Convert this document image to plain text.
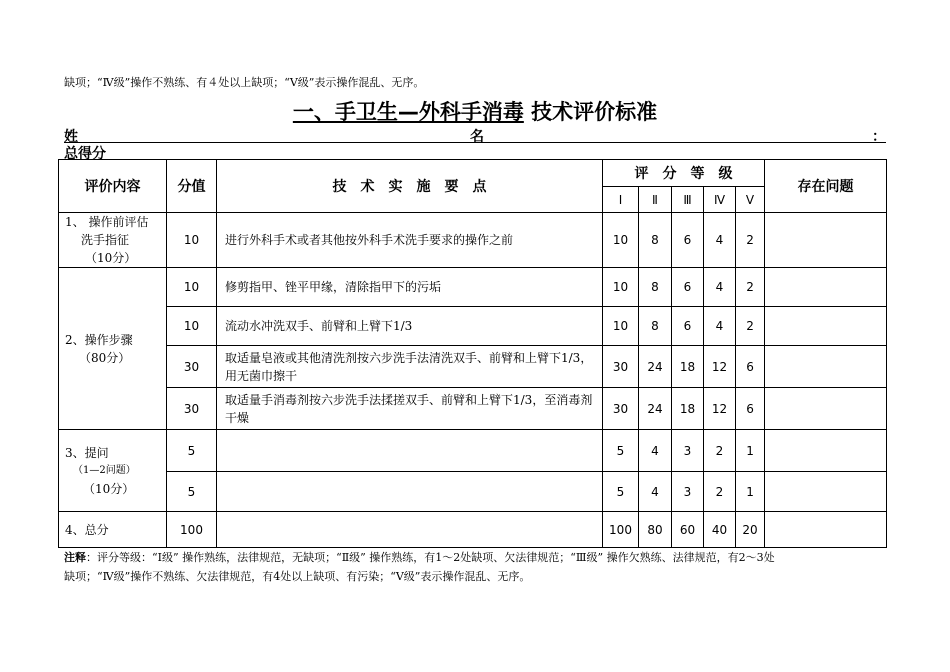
缺项；“Ⅳ级”操作不熟练、有４处以上缺项；“Ⅴ级”表示操作混乱、无序。
一、手卫生—外科手消毒 技术评价标准
姓	名	：
总得分
评价内容	分值	技　术　实　施　要　点	评　分　等　级					存在问题
			Ⅰ	Ⅱ	Ⅲ	Ⅳ	Ⅴ	

1、 操作前评估
洗手指征
（10分）	10	进行外科手术或者其他按外科手术洗手要求的操作之前	10	8	6	4	2	

2、操作步骤
（80分）	10	修剪指甲、锉平甲缘，清除指甲下的污垢	10	8	6	4	2	
	10	流动水冲洗双手、前臂和上臂下1/3	10	8	6	4	2	
	30	取适量皂液或其他清洗剂按六步洗手法清洗双手、前臂和上臂下1/3，用无菌巾擦干	30	24	18	12	6	
	30	取适量手消毒剂按六步洗手法揉搓双手、前臂和上臂下1/3，至消毒剂干燥	30	24	18	12	6	

3、提问
（1—2问题）
（10分）	5		5	4	3	2	1	
	5		5	4	3	2	1	
4、总分	100		100	80	60	40	20	
注释：评分等级：“Ⅰ级” 操作熟练，法律规范，无缺项；“Ⅱ级” 操作熟练，有1～2处缺项、欠法律规范；“Ⅲ级” 操作欠熟练、法律规范，有2～3处
缺项；“Ⅳ级”操作不熟练、欠法律规范，有4处以上缺项、有污染；“Ⅴ级”表示操作混乱、无序。
